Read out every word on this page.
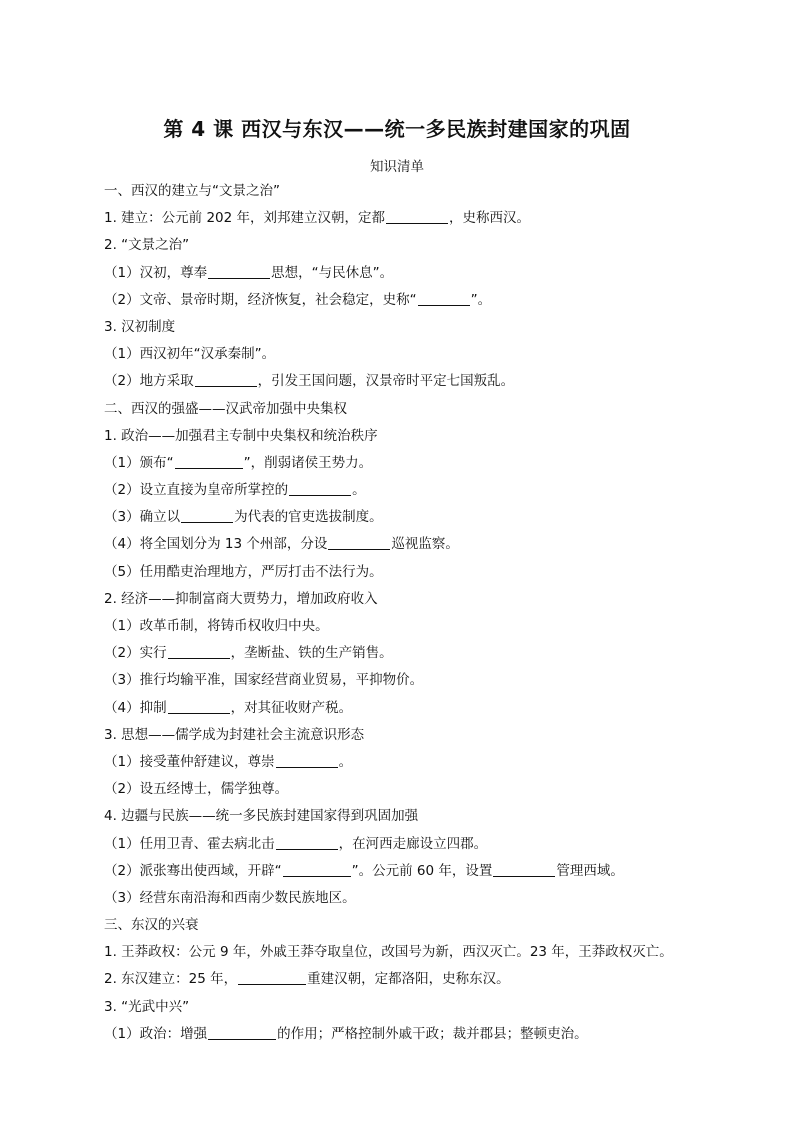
第 4 课 西汉与东汉——统一多民族封建国家的巩固
知识清单
一、西汉的建立与“文景之治”
1. 建立：公元前 202 年，刘邦建立汉朝，定都	，史称西汉。
2. “文景之治”
（1）汉初，尊奉	思想，“与民休息”。
（2）文帝、景帝时期，经济恢复，社会稳定，史称“	”。
3. 汉初制度
（1）西汉初年“汉承秦制”。
（2）地方采取	，引发王国问题，汉景帝时平定七国叛乱。
二、西汉的强盛——汉武帝加强中央集权
1. 政治——加强君主专制中央集权和统治秩序
（1）颁布“	”，削弱诸侯王势力。
（2）设立直接为皇帝所掌控的	。
（3）确立以	为代表的官吏选拔制度。
（4）将全国划分为 13 个州部，分设	巡视监察。
（5）任用酷吏治理地方，严厉打击不法行为。
2. 经济——抑制富商大贾势力，增加政府收入
（1）改革币制，将铸币权收归中央。
（2）实行	，垄断盐、铁的生产销售。
（3）推行均输平准，国家经营商业贸易，平抑物价。
（4）抑制	，对其征收财产税。
3. 思想——儒学成为封建社会主流意识形态
（1）接受董仲舒建议，尊崇	。
（2）设五经博士，儒学独尊。
4. 边疆与民族——统一多民族封建国家得到巩固加强
（1）任用卫青、霍去病北击	，在河西走廊设立四郡。
（2）派张骞出使西域，开辟“	”。公元前 60 年，设置	管理西域。
（3）经营东南沿海和西南少数民族地区。
三、东汉的兴衰
1. 王莽政权：公元 9 年，外戚王莽夺取皇位，改国号为新，西汉灭亡。23 年，王莽政权灭亡。
2. 东汉建立：25 年，	重建汉朝，定都洛阳，史称东汉。
3. “光武中兴”
（1）政治：增强	的作用；严格控制外戚干政；裁并郡县；整顿吏治。
